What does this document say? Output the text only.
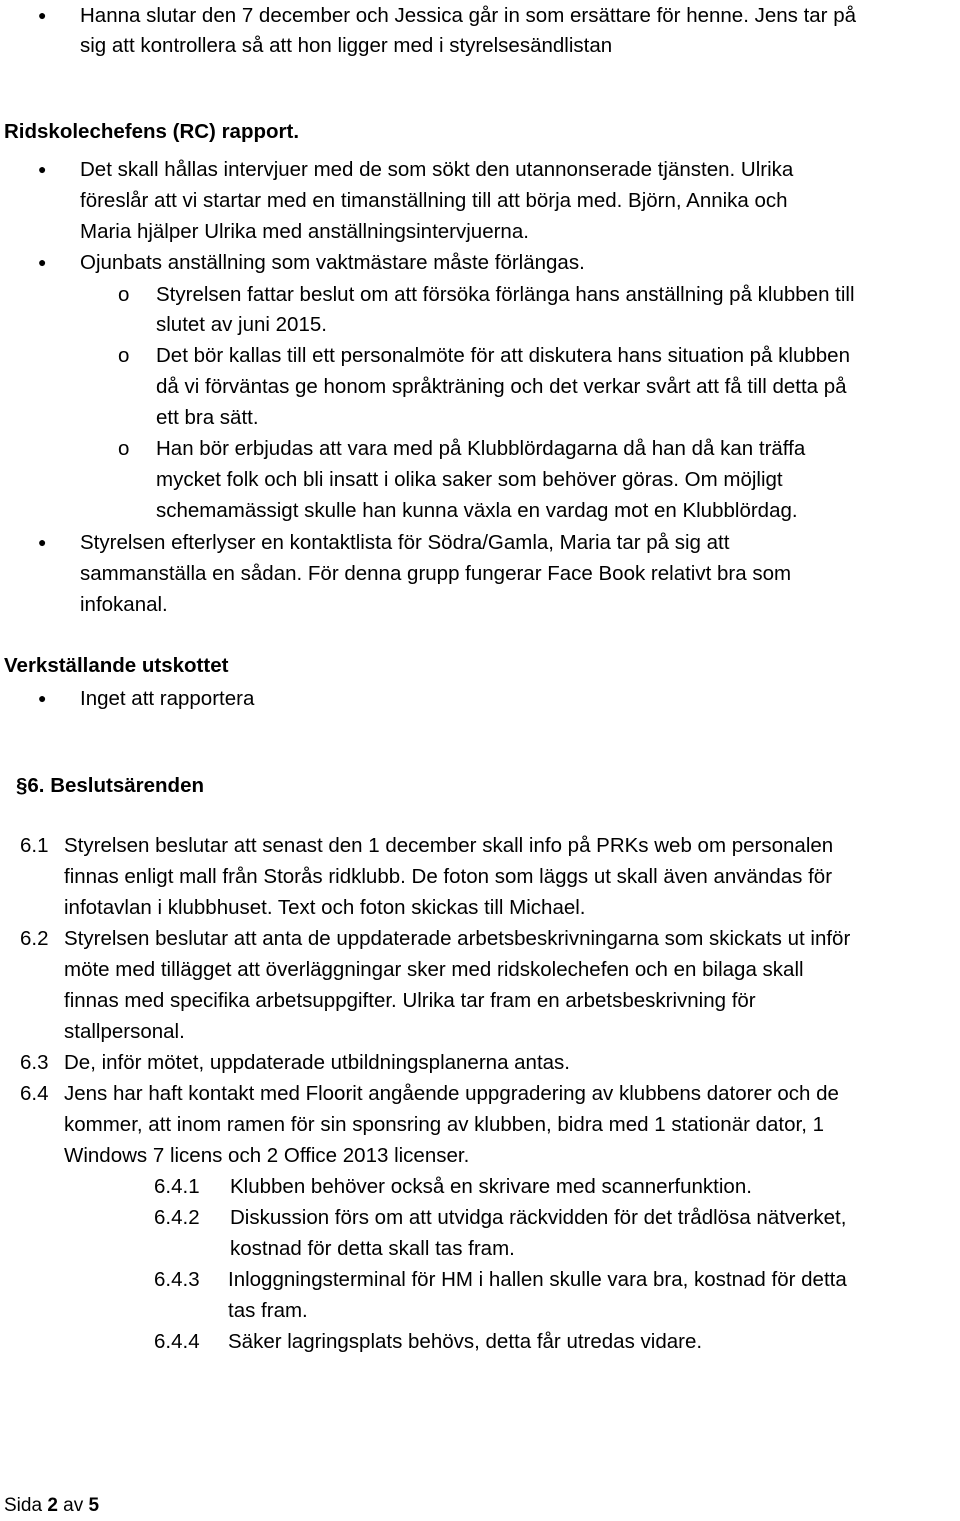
● Hanna slutar den 7 december och Jessica går in som ersättare för henne. Jens tar på
sig att kontrollera så att hon ligger med i styrelsesändlistan
Ridskolechefens (RC) rapport.
● Det skall hållas intervjuer med de som sökt den utannonserade tjänsten. Ulrika
föreslår att vi startar med en timanställning till att börja med. Björn, Annika och
Maria hjälper Ulrika med anställningsintervjuerna.
● Ojunbats anställning som vaktmästare måste förlängas.
o Styrelsen fattar beslut om att försöka förlänga hans anställning på klubben till
slutet av juni 2015.
o Det bör kallas till ett personalmöte för att diskutera hans situation på klubben
då vi förväntas ge honom språkträning och det verkar svårt att få till detta på
ett bra sätt.
o Han bör erbjudas att vara med på Klubblördagarna då han då kan träffa
mycket folk och bli insatt i olika saker som behöver göras. Om möjligt
schemamässigt skulle han kunna växla en vardag mot en Klubblördag.
● Styrelsen efterlyser en kontaktlista för Södra/Gamla, Maria tar på sig att
sammanställa en sådan. För denna grupp fungerar Face Book relativt bra som
infokanal.
Verkställande utskottet
● Inget att rapportera
§6. Beslutsärenden
6.1 Styrelsen beslutar att senast den 1 december skall info på PRKs web om personalen
finnas enligt mall från Storås ridklubb. De foton som läggs ut skall även användas för
infotavlan i klubbhuset. Text och foton skickas till Michael.
6.2 Styrelsen beslutar att anta de uppdaterade arbetsbeskrivningarna som skickats ut inför
möte med tillägget att överläggningar sker med ridskolechefen och en bilaga skall
finnas med specifika arbetsuppgifter. Ulrika tar fram en arbetsbeskrivning för
stallpersonal.
6.3 De, inför mötet, uppdaterade utbildningsplanerna antas.
6.4 Jens har haft kontakt med Floorit angående uppgradering av klubbens datorer och de
kommer, att inom ramen för sin sponsring av klubben, bidra med 1 stationär dator, 1
Windows 7 licens och 2 Office 2013 licenser.
6.4.1 Klubben behöver också en skrivare med scannerfunktion.
6.4.2 Diskussion förs om att utvidga räckvidden för det trådlösa nätverket,
kostnad för detta skall tas fram.
6.4.3 Inloggningsterminal för HM i hallen skulle vara bra, kostnad för detta
tas fram.
6.4.4 Säker lagringsplats behövs, detta får utredas vidare.
Sida 2 av 5
